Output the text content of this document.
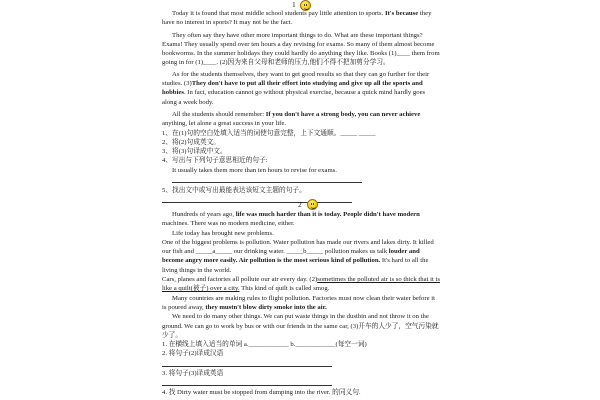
1

Today it is found that most middle school students pay little attention to sports. It's because they have no interest in sports? It may not be the fact.

They often say they have other more important things to do. What are these important things? Exams! They usually spend over ten hours a day revising for exams. So many of them almost become bookworms. In the summer holidays they could hardly do anything they like. Books (1)____ them from going in for (1)____. (2)因为来自父母和老师的压力,他们不得不把加剪分学习。

As for the students themselves, they want to get good results so that they can go further for their studies. (3)They don't have to put all their effort into studying and give up all the sports and hobbies. In fact, education cannot go without physical exercise, because a quick mind hardly goes along a week body.

All the students should remember: If you don't have a strong body, you can never achieve anything, let alone a great success in your life.

1、在(1)句的空白处填入适当的词使句意完整，上下文通顺。_____ _____

2、将(2)句成英文。

3、将(3)句译成中文。

4、写出与下列句子意思相近的句子:

It usually takes them more than ten hours to revise for exams.

5、找出文中或写出最能表达该短文主题的句子。

2

Hundreds of years ago, life was much harder than it is today. People didn't have modern machines. There was no modern medicine, either.

Life today has brought new problems.

One of the biggest problems is pollution. Water pollution has made our rivers and lakes dirty. It killed our fish and _____a_____ our drinking water. _____b_____ pollution makes us talk louder and become angry more easily. Air pollution is the most serious kind of pollution. It's hard to all the living things in the world.

Cars, planes and factories all pollute our air every day. (2)sometimes the polluted air is so thick that it is like a quilt(被子) over a city. This kind of quilt is called smog.

Many countries are making rules to flight pollution. Factories must now clean their water before it is poured away, they mustn't blow dirty smoke into the air.

We need to do many other things. We can put waste things in the dustbin and not throw it on the ground. We can go to work by bus or with our friends in the same car, (3)开车的人少了，空气污染就少了。

1. 在横线上填入适当的单词 a.____________ b.____________(每空一词)

2. 将句子(2)译成汉语

3. 将句子(3)译成英语

4. 找 Dirty water must be stopped from dumping into the river. 的同义句.
